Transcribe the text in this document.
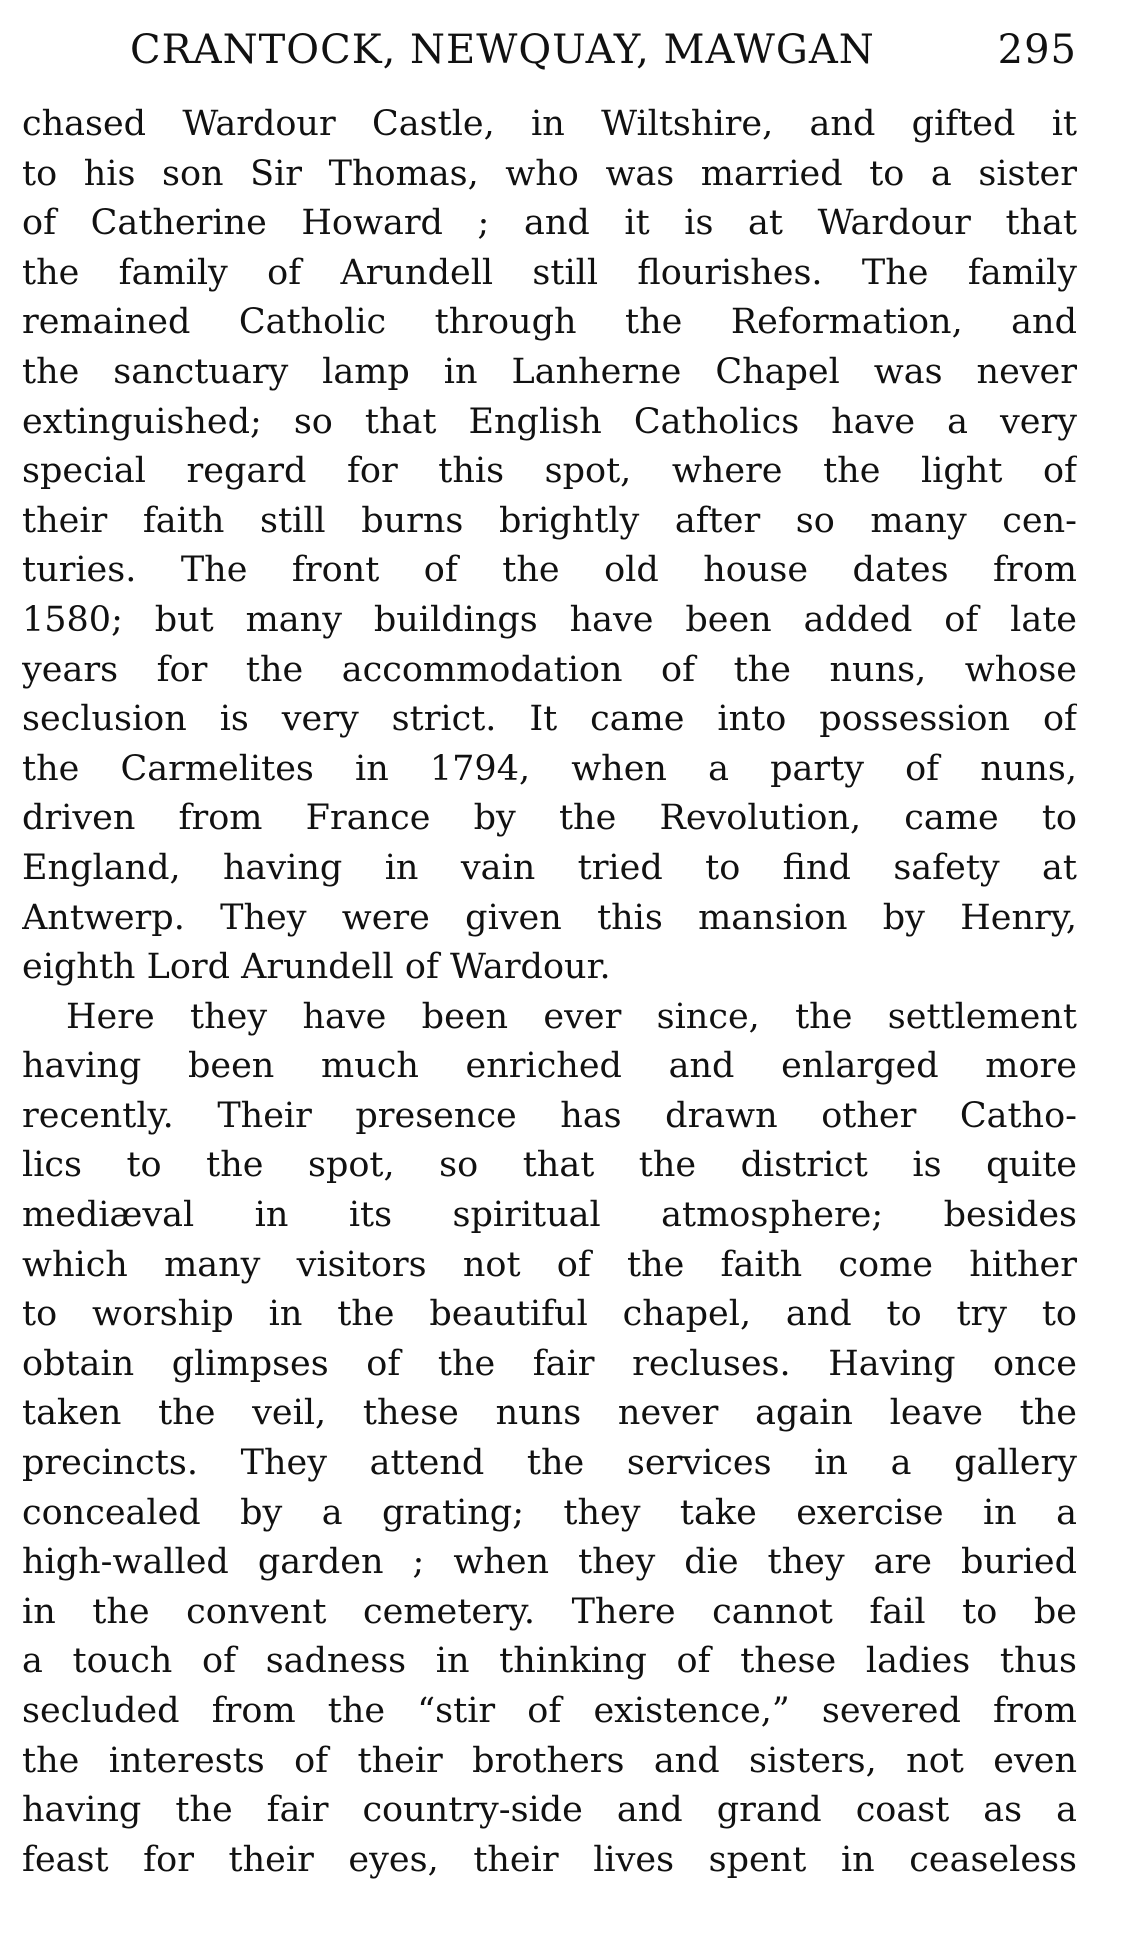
CRANTOCK, NEWQUAY, MAWGAN	295
chased Wardour Castle, in Wiltshire, and gifted it
to his son Sir Thomas, who was married to a sister
of Catherine Howard ; and it is at Wardour that
the family of Arundell still flourishes. The family
remained Catholic through the Reformation, and
the sanctuary lamp in Lanherne Chapel was never
extinguished; so that English Catholics have a very
special regard for this spot, where the light of
their faith still burns brightly after so many cen-
turies. The front of the old house dates from
1580; but many buildings have been added of late
years for the accommodation of the nuns, whose
seclusion is very strict. It came into possession of
the Carmelites in 1794, when a party of nuns,
driven from France by the Revolution, came to
England, having in vain tried to find safety at
Antwerp. They were given this mansion by Henry,
eighth Lord Arundell of Wardour.
Here they have been ever since, the settlement
having been much enriched and enlarged more
recently. Their presence has drawn other Catho-
lics to the spot, so that the district is quite
mediæval in its spiritual atmosphere; besides
which many visitors not of the faith come hither
to worship in the beautiful chapel, and to try to
obtain glimpses of the fair recluses. Having once
taken the veil, these nuns never again leave the
precincts. They attend the services in a gallery
concealed by a grating; they take exercise in a
high-walled garden ; when they die they are buried
in the convent cemetery. There cannot fail to be
a touch of sadness in thinking of these ladies thus
secluded from the “stir of existence,” severed from
the interests of their brothers and sisters, not even
having the fair country-side and grand coast as a
feast for their eyes, their lives spent in ceaseless
